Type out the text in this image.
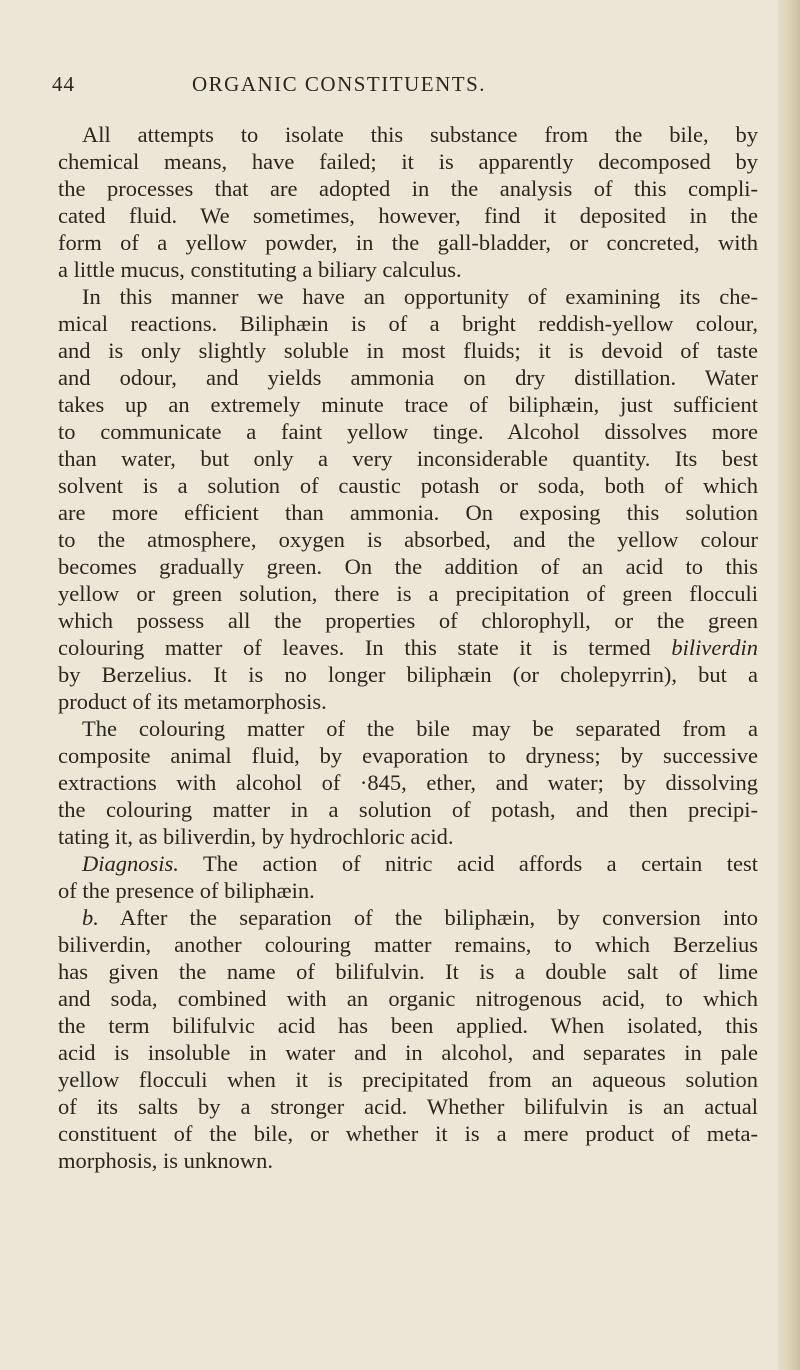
44	ORGANIC CONSTITUENTS.
All attempts to isolate this substance from the bile, by
chemical means, have failed; it is apparently decomposed by
the processes that are adopted in the analysis of this compli-
cated fluid. We sometimes, however, find it deposited in the
form of a yellow powder, in the gall-bladder, or concreted, with
a little mucus, constituting a biliary calculus.
In this manner we have an opportunity of examining its che-
mical reactions. Biliphæin is of a bright reddish-yellow colour,
and is only slightly soluble in most fluids; it is devoid of taste
and odour, and yields ammonia on dry distillation. Water
takes up an extremely minute trace of biliphæin, just sufficient
to communicate a faint yellow tinge. Alcohol dissolves more
than water, but only a very inconsiderable quantity. Its best
solvent is a solution of caustic potash or soda, both of which
are more efficient than ammonia. On exposing this solution
to the atmosphere, oxygen is absorbed, and the yellow colour
becomes gradually green. On the addition of an acid to this
yellow or green solution, there is a precipitation of green flocculi
which possess all the properties of chlorophyll, or the green
colouring matter of leaves. In this state it is termed biliverdin
by Berzelius. It is no longer biliphæin (or cholepyrrin), but a
product of its metamorphosis.
The colouring matter of the bile may be separated from a
composite animal fluid, by evaporation to dryness; by successive
extractions with alcohol of ·845, ether, and water; by dissolving
the colouring matter in a solution of potash, and then precipi-
tating it, as biliverdin, by hydrochloric acid.
Diagnosis. The action of nitric acid affords a certain test
of the presence of biliphæin.
b. After the separation of the biliphæin, by conversion into
biliverdin, another colouring matter remains, to which Berzelius
has given the name of bilifulvin. It is a double salt of lime
and soda, combined with an organic nitrogenous acid, to which
the term bilifulvic acid has been applied. When isolated, this
acid is insoluble in water and in alcohol, and separates in pale
yellow flocculi when it is precipitated from an aqueous solution
of its salts by a stronger acid. Whether bilifulvin is an actual
constituent of the bile, or whether it is a mere product of meta-
morphosis, is unknown.
